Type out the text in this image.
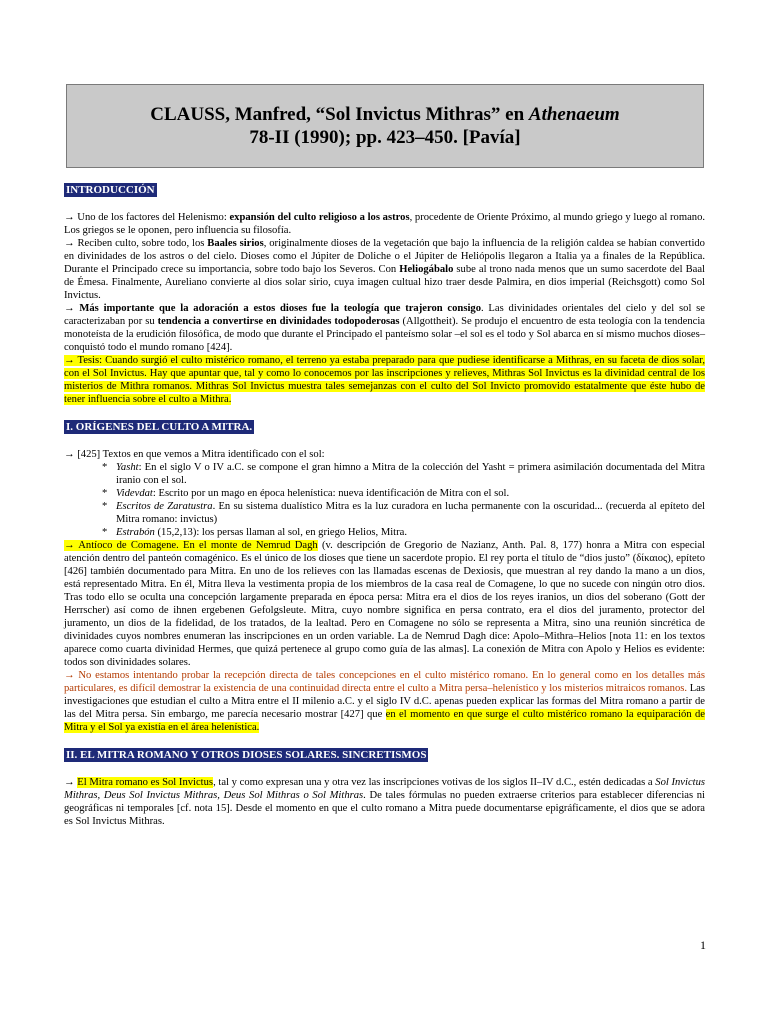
CLAUSS, Manfred, “Sol Invictus Mithras” en Athenaeum
78-II (1990); pp. 423–450. [Pavía]
INTRODUCCIÓN

→ Uno de los factores del Helenismo: expansión del culto religioso a los astros, procedente de Oriente Próximo, al mundo griego y luego al romano. Los griegos se le oponen, pero influencia su filosofía.

→ Reciben culto, sobre todo, los Baales sirios, originalmente dioses de la vegetación que bajo la influencia de la religión caldea se habían convertido en divinidades de los astros o del cielo. Dioses como el Júpiter de Doliche o el Júpiter de Heliópolis llegaron a Italia ya a finales de la República. Durante el Principado crece su importancia, sobre todo bajo los Severos. Con Heliogábalo sube al trono nada menos que un sumo sacerdote del Baal de Émesa. Finalmente, Aureliano convierte al dios solar sirio, cuya imagen cultual hizo traer desde Palmira, en dios imperial (Reichsgott) como Sol Invictus.

→ Más importante que la adoración a estos dioses fue la teología que trajeron consigo. Las divinidades orientales del cielo y del sol se caracterizaban por su tendencia a convertirse en divinidades todopoderosas (Allgottheit). Se produjo el encuentro de esta teología con la tendencia monoteísta de la erudición filosófica, de modo que durante el Principado el panteísmo solar –el sol es el todo y Sol abarca en sí mismo muchos dioses– conquistó todo el mundo romano [424].

→ Tesis: Cuando surgió el culto mistérico romano, el terreno ya estaba preparado para que pudiese identificarse a Mithras, en su faceta de dios solar, con el Sol Invictus. Hay que apuntar que, tal y como lo conocemos por las inscripciones y relieves, Mithras Sol Invictus es la divinidad central de los misterios de Mithra romanos. Mithras Sol Invictus muestra tales semejanzas con el culto del Sol Invicto promovido estatalmente que éste hubo de tener influencia sobre el culto a Mithra.

I. ORÍGENES DEL CULTO A MITRA.

→ [425] Textos en que vemos a Mitra identificado con el sol:

* Yasht: En el siglo V o IV a.C. se compone el gran himno a Mitra de la colección del Yasht = primera asimilación documentada del Mitra iranio con el sol.
* Videvdat: Escrito por un mago en época helenística: nueva identificación de Mitra con el sol.
* Escritos de Zaratustra. En su sistema dualístico Mitra es la luz curadora en lucha permanente con la oscuridad... (recuerda al epíteto del Mitra romano: invictus)
* Estrabón (15,2,13): los persas llaman al sol, en griego Helios, Mitra.

→ Antíoco de Comagene. En el monte de Nemrud Dagh (v. descripción de Gregorio de Nazianz, Anth. Pal. 8, 177) honra a Mitra con especial atención dentro del panteón comagénico. Es el único de los dioses que tiene un sacerdote propio. El rey porta el título de “dios justo” (δίκαιος), epíteto [426] también documentado para Mitra. En uno de los relieves con las llamadas escenas de Dexiosis, que muestran al rey dando la mano a un dios, está representado Mitra. En él, Mitra lleva la vestimenta propia de los miembros de la casa real de Comagene, lo que no sucede con ningún otro dios. Tras todo ello se oculta una concepción largamente preparada en época persa: Mitra era el dios de los reyes iranios, un dios del soberano (Gott der Herrscher) así como de ihnen ergebenen Gefolgsleute. Mitra, cuyo nombre significa en persa contrato, era el dios del juramento, protector del juramento, un dios de la fidelidad, de los tratados, de la lealtad. Pero en Comagene no sólo se representa a Mitra, sino una reunión sincrética de divinidades cuyos nombres enumeran las inscripciones en un orden variable. La de Nemrud Dagh dice: Apolo–Mithra–Helios [nota 11: en los textos aparece como cuarta divinidad Hermes, que quizá pertenece al grupo como guía de las almas]. La conexión de Mitra con Apolo y Helios es evidente: todos son divinidades solares.

→ No estamos intentando probar la recepción directa de tales concepciones en el culto mistérico romano. En lo general como en los detalles más particulares, es difícil demostrar la existencia de una continuidad directa entre el culto a Mitra persa–helenístico y los misterios mitraicos romanos. Las investigaciones que estudian el culto a Mitra entre el II milenio a.C. y el siglo IV d.C. apenas pueden explicar las formas del Mitra romano a partir de las del Mitra persa. Sin embargo, me parecía necesario mostrar [427] que en el momento en que surge el culto mistérico romano la equiparación de Mitra y el Sol ya existía en el área helenística.

II. EL MITRA ROMANO Y OTROS DIOSES SOLARES. SINCRETISMOS

→ El Mitra romano es Sol Invictus, tal y como expresan una y otra vez las inscripciones votivas de los siglos II–IV d.C., estén dedicadas a Sol Invictus Mithras, Deus Sol Invictus Mithras, Deus Sol Mithras o Sol Mithras. De tales fórmulas no pueden extraerse criterios para establecer diferencias ni geográficas ni temporales [cf. nota 15]. Desde el momento en que el culto romano a Mitra puede documentarse epigráficamente, el dios que se adora es Sol Invictus Mithras.

1
